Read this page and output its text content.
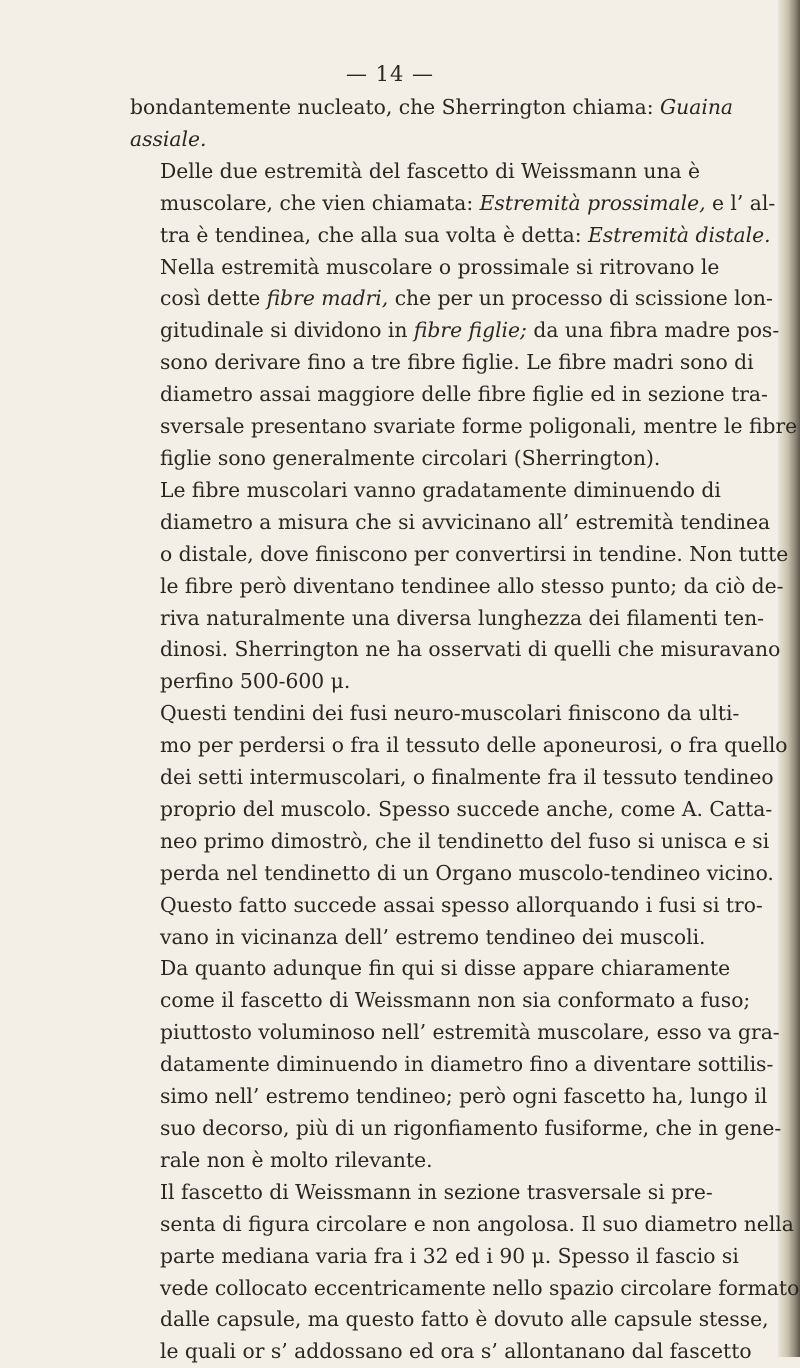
— 14 —

bondantemente nucleato, che Sherrington chiama: Guaina
assiale.

Delle due estremità del fascetto di Weissmann una è
muscolare, che vien chiamata: Estremità prossimale, e l’ al-
tra è tendinea, che alla sua volta è detta: Estremità distale.

Nella estremità muscolare o prossimale si ritrovano le
così dette fibre madri, che per un processo di scissione lon-
gitudinale si dividono in fibre figlie; da una fibra madre pos-
sono derivare fino a tre fibre figlie. Le fibre madri sono di
diametro assai maggiore delle fibre figlie ed in sezione tra-
sversale presentano svariate forme poligonali, mentre le fibre
figlie sono generalmente circolari (Sherrington).

Le fibre muscolari vanno gradatamente diminuendo di
diametro a misura che si avvicinano all’ estremità tendinea
o distale, dove finiscono per convertirsi in tendine. Non tutte
le fibre però diventano tendinee allo stesso punto; da ciò de-
riva naturalmente una diversa lunghezza dei filamenti ten-
dinosi. Sherrington ne ha osservati di quelli che misuravano
perfino 500-600 μ.

Questi tendini dei fusi neuro-muscolari finiscono da ulti-
mo per perdersi o fra il tessuto delle aponeurosi, o fra quello
dei setti intermuscolari, o finalmente fra il tessuto tendineo
proprio del muscolo. Spesso succede anche, come A. Catta-
neo primo dimostrò, che il tendinetto del fuso si unisca e si
perda nel tendinetto di un Organo muscolo-tendineo vicino.
Questo fatto succede assai spesso allorquando i fusi si tro-
vano in vicinanza dell’ estremo tendineo dei muscoli.

Da quanto adunque fin qui si disse appare chiaramente
come il fascetto di Weissmann non sia conformato a fuso;
piuttosto voluminoso nell’ estremità muscolare, esso va gra-
datamente diminuendo in diametro fino a diventare sottilis-
simo nell’ estremo tendineo; però ogni fascetto ha, lungo il
suo decorso, più di un rigonfiamento fusiforme, che in gene-
rale non è molto rilevante.

Il fascetto di Weissmann in sezione trasversale si pre-
senta di figura circolare e non angolosa. Il suo diametro nella
parte mediana varia fra i 32 ed i 90 μ. Spesso il fascio si
vede collocato eccentricamente nello spazio circolare formato
dalle capsule, ma questo fatto è dovuto alle capsule stesse,
le quali or s’ addossano ed ora s’ allontanano dal fascetto
